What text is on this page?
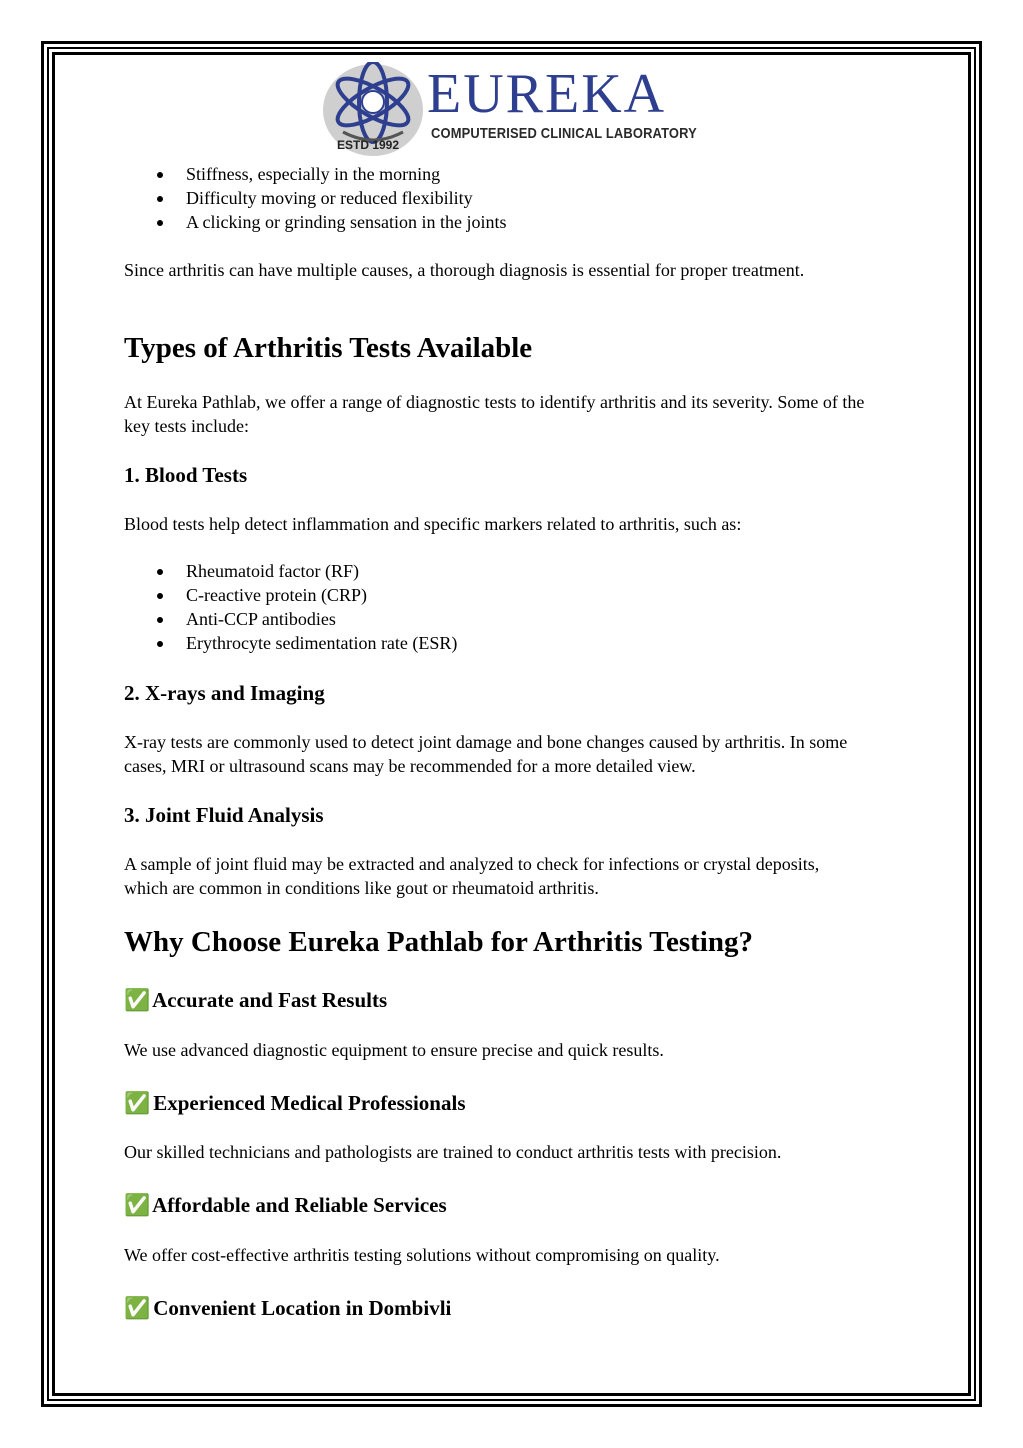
ESTD 1992
EUREKA
COMPUTERISED CLINICAL LABORATORY
Stiffness, especially in the morning
Difficulty moving or reduced flexibility
A clicking or grinding sensation in the joints

Since arthritis can have multiple causes, a thorough diagnosis is essential for proper treatment.

Types of Arthritis Tests Available

At Eureka Pathlab, we offer a range of diagnostic tests to identify arthritis and its severity. Some of the key tests include:

1. Blood Tests

Blood tests help detect inflammation and specific markers related to arthritis, such as:

Rheumatoid factor (RF)
C-reactive protein (CRP)
Anti-CCP antibodies
Erythrocyte sedimentation rate (ESR)
2. X-rays and Imaging

X-ray tests are commonly used to detect joint damage and bone changes caused by arthritis. In some cases, MRI or ultrasound scans may be recommended for a more detailed view.

3. Joint Fluid Analysis

A sample of joint fluid may be extracted and analyzed to check for infections or crystal deposits, which are common in conditions like gout or rheumatoid arthritis.

Why Choose Eureka Pathlab for Arthritis Testing?
✅ Accurate and Fast Results

We use advanced diagnostic equipment to ensure precise and quick results.

✅ Experienced Medical Professionals

Our skilled technicians and pathologists are trained to conduct arthritis tests with precision.

✅ Affordable and Reliable Services

We offer cost-effective arthritis testing solutions without compromising on quality.

✅ Convenient Location in Dombivli
